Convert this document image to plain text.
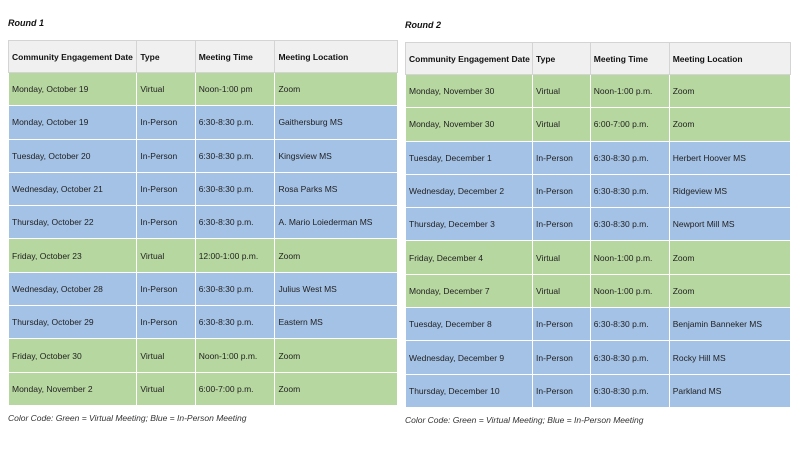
Round 1
Community Engagement Date	Type	Meeting Time	Meeting Location
Monday, October 19	Virtual	Noon-1:00 pm	Zoom
Monday, October 19	In-Person	6:30-8:30 p.m.	Gaithersburg MS
Tuesday, October 20	In-Person	6:30-8:30 p.m.	Kingsview MS
Wednesday, October 21	In-Person	6:30-8:30 p.m.	Rosa Parks MS
Thursday, October 22	In-Person	6:30-8:30 p.m.	A. Mario Loiederman MS
Friday, October 23	Virtual	12:00-1:00 p.m.	Zoom
Wednesday, October 28	In-Person	6:30-8:30 p.m.	Julius West MS
Thursday, October 29	In-Person	6:30-8:30 p.m.	Eastern MS
Friday, October 30	Virtual	Noon-1:00 p.m.	Zoom
Monday, November 2	Virtual	6:00-7:00 p.m.	Zoom
Color Code: Green = Virtual Meeting; Blue = In-Person Meeting
Round 2
Community Engagement Date	Type	Meeting Time	Meeting Location
Monday, November 30	Virtual	Noon-1:00 p.m.	Zoom
Monday, November 30	Virtual	6:00-7:00 p.m.	Zoom
Tuesday, December 1	In-Person	6:30-8:30 p.m.	Herbert Hoover MS
Wednesday, December 2	In-Person	6:30-8:30 p.m.	Ridgeview MS
Thursday, December 3	In-Person	6:30-8:30 p.m.	Newport Mill MS
Friday, December 4	Virtual	Noon-1:00 p.m.	Zoom
Monday, December 7	Virtual	Noon-1:00 p.m.	Zoom
Tuesday, December 8	In-Person	6:30-8:30 p.m.	Benjamin Banneker MS
Wednesday, December 9	In-Person	6:30-8:30 p.m.	Rocky Hill MS
Thursday, December 10	In-Person	6:30-8:30 p.m.	Parkland MS
Color Code: Green = Virtual Meeting; Blue = In-Person Meeting
